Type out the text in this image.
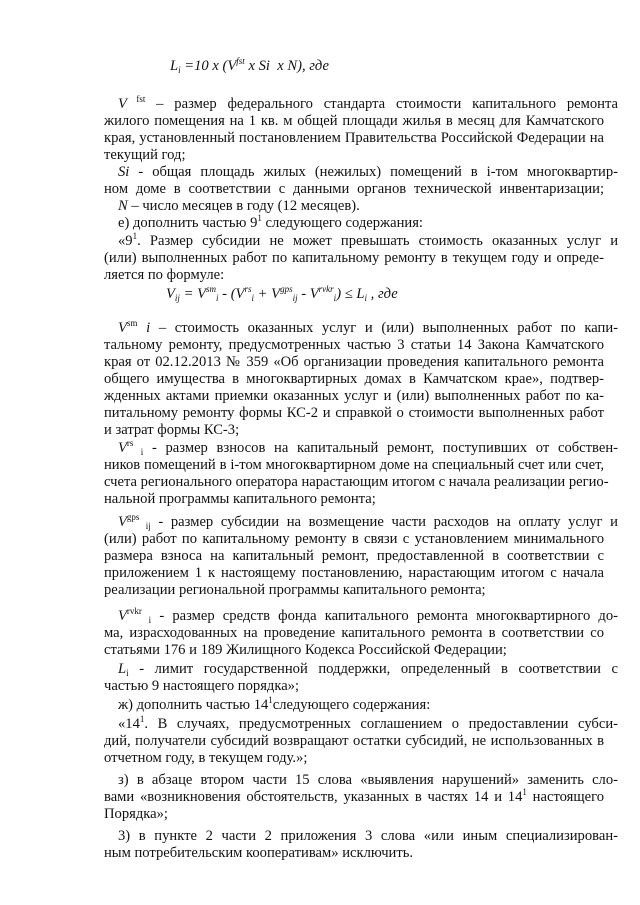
$L_i =10$ x ($V^{fst}$ x Si  x N), где
V $^{fst}$ – размер федерального стандарта стоимости капитального ремонта
жилого помещения на 1 кв. м общей площади жилья в месяц для Камчатского
края, установленный постановлением Правительства Российской Федерации на
текущий год;
Si - общая площадь жилых (нежилых) помещений в i-том многоквартир-
ном доме в соответствии с данными органов технической инвентаризации;
N – число месяцев в году (12 месяцев).
е) дополнить частью $9^1$ следующего содержания:
«$9^1$. Размер субсидии не может превышать стоимость оказанных услуг и
(или) выполненных работ по капитальному ремонту в текущем году и опреде-
ляется по формуле:
$V_{ij} = V^{sm}_i - (V^{rs}_i + V^{gps}_{ij} - V^{rvkr}_i) \le L_i$ , где
$V^{sm}$ i – стоимость оказанных услуг и (или) выполненных работ по капи-
тальному ремонту, предусмотренных частью 3 статьи 14 Закона Камчатского
края от 02.12.2013 № 359 «Об организации проведения капитального ремонта
общего имущества в многоквартирных домах в Камчатском крае», подтвер-
жденных актами приемки оказанных услуг и (или) выполненных работ по ка-
питальному ремонту формы КС-2 и справкой о стоимости выполненных работ
и затрат формы КС-3;
$V^{rs}$ $_i$ - размер взносов на капитальный ремонт, поступивших от собствен-
ников помещений в i-том многоквартирном доме на специальный счет или счет,
счета регионального оператора нарастающим итогом с начала реализации регио-
нальной программы капитального ремонта;
$V^{gps}$ $_{ij}$ - размер субсидии на возмещение части расходов на оплату услуг и
(или) работ по капитальному ремонту в связи с установлением минимального
размера взноса на капитальный ремонт, предоставленной в соответствии с
приложением 1 к настоящему постановлению, нарастающим итогом с начала
реализации региональной программы капитального ремонта;
$V^{rvkr}$ $_i$ - размер средств фонда капитального ремонта многоквартирного до-
ма, израсходованных на проведение капитального ремонта в соответствии со
статьями 176 и 189 Жилищного Кодекса Российской Федерации;
$L_i$ - лимит государственной поддержки, определенный в соответствии с
частью 9 настоящего порядка»;
ж) дополнить частью $14^1следующего$ содержания:
«$14^1$. В случаях, предусмотренных соглашением о предоставлении субси-
дий, получатели субсидий возвращают остатки субсидий, не использованных в
отчетном году, в текущем году.»;
з) в абзаце втором части 15 слова «выявления нарушений» заменить сло-
вами «возникновения обстоятельств, указанных в частях 14 и $14^1$ настоящего
Порядка»;
3) в пункте 2 части 2 приложения 3 слова «или иным специализирован-
ным потребительским кооперативам» исключить.
